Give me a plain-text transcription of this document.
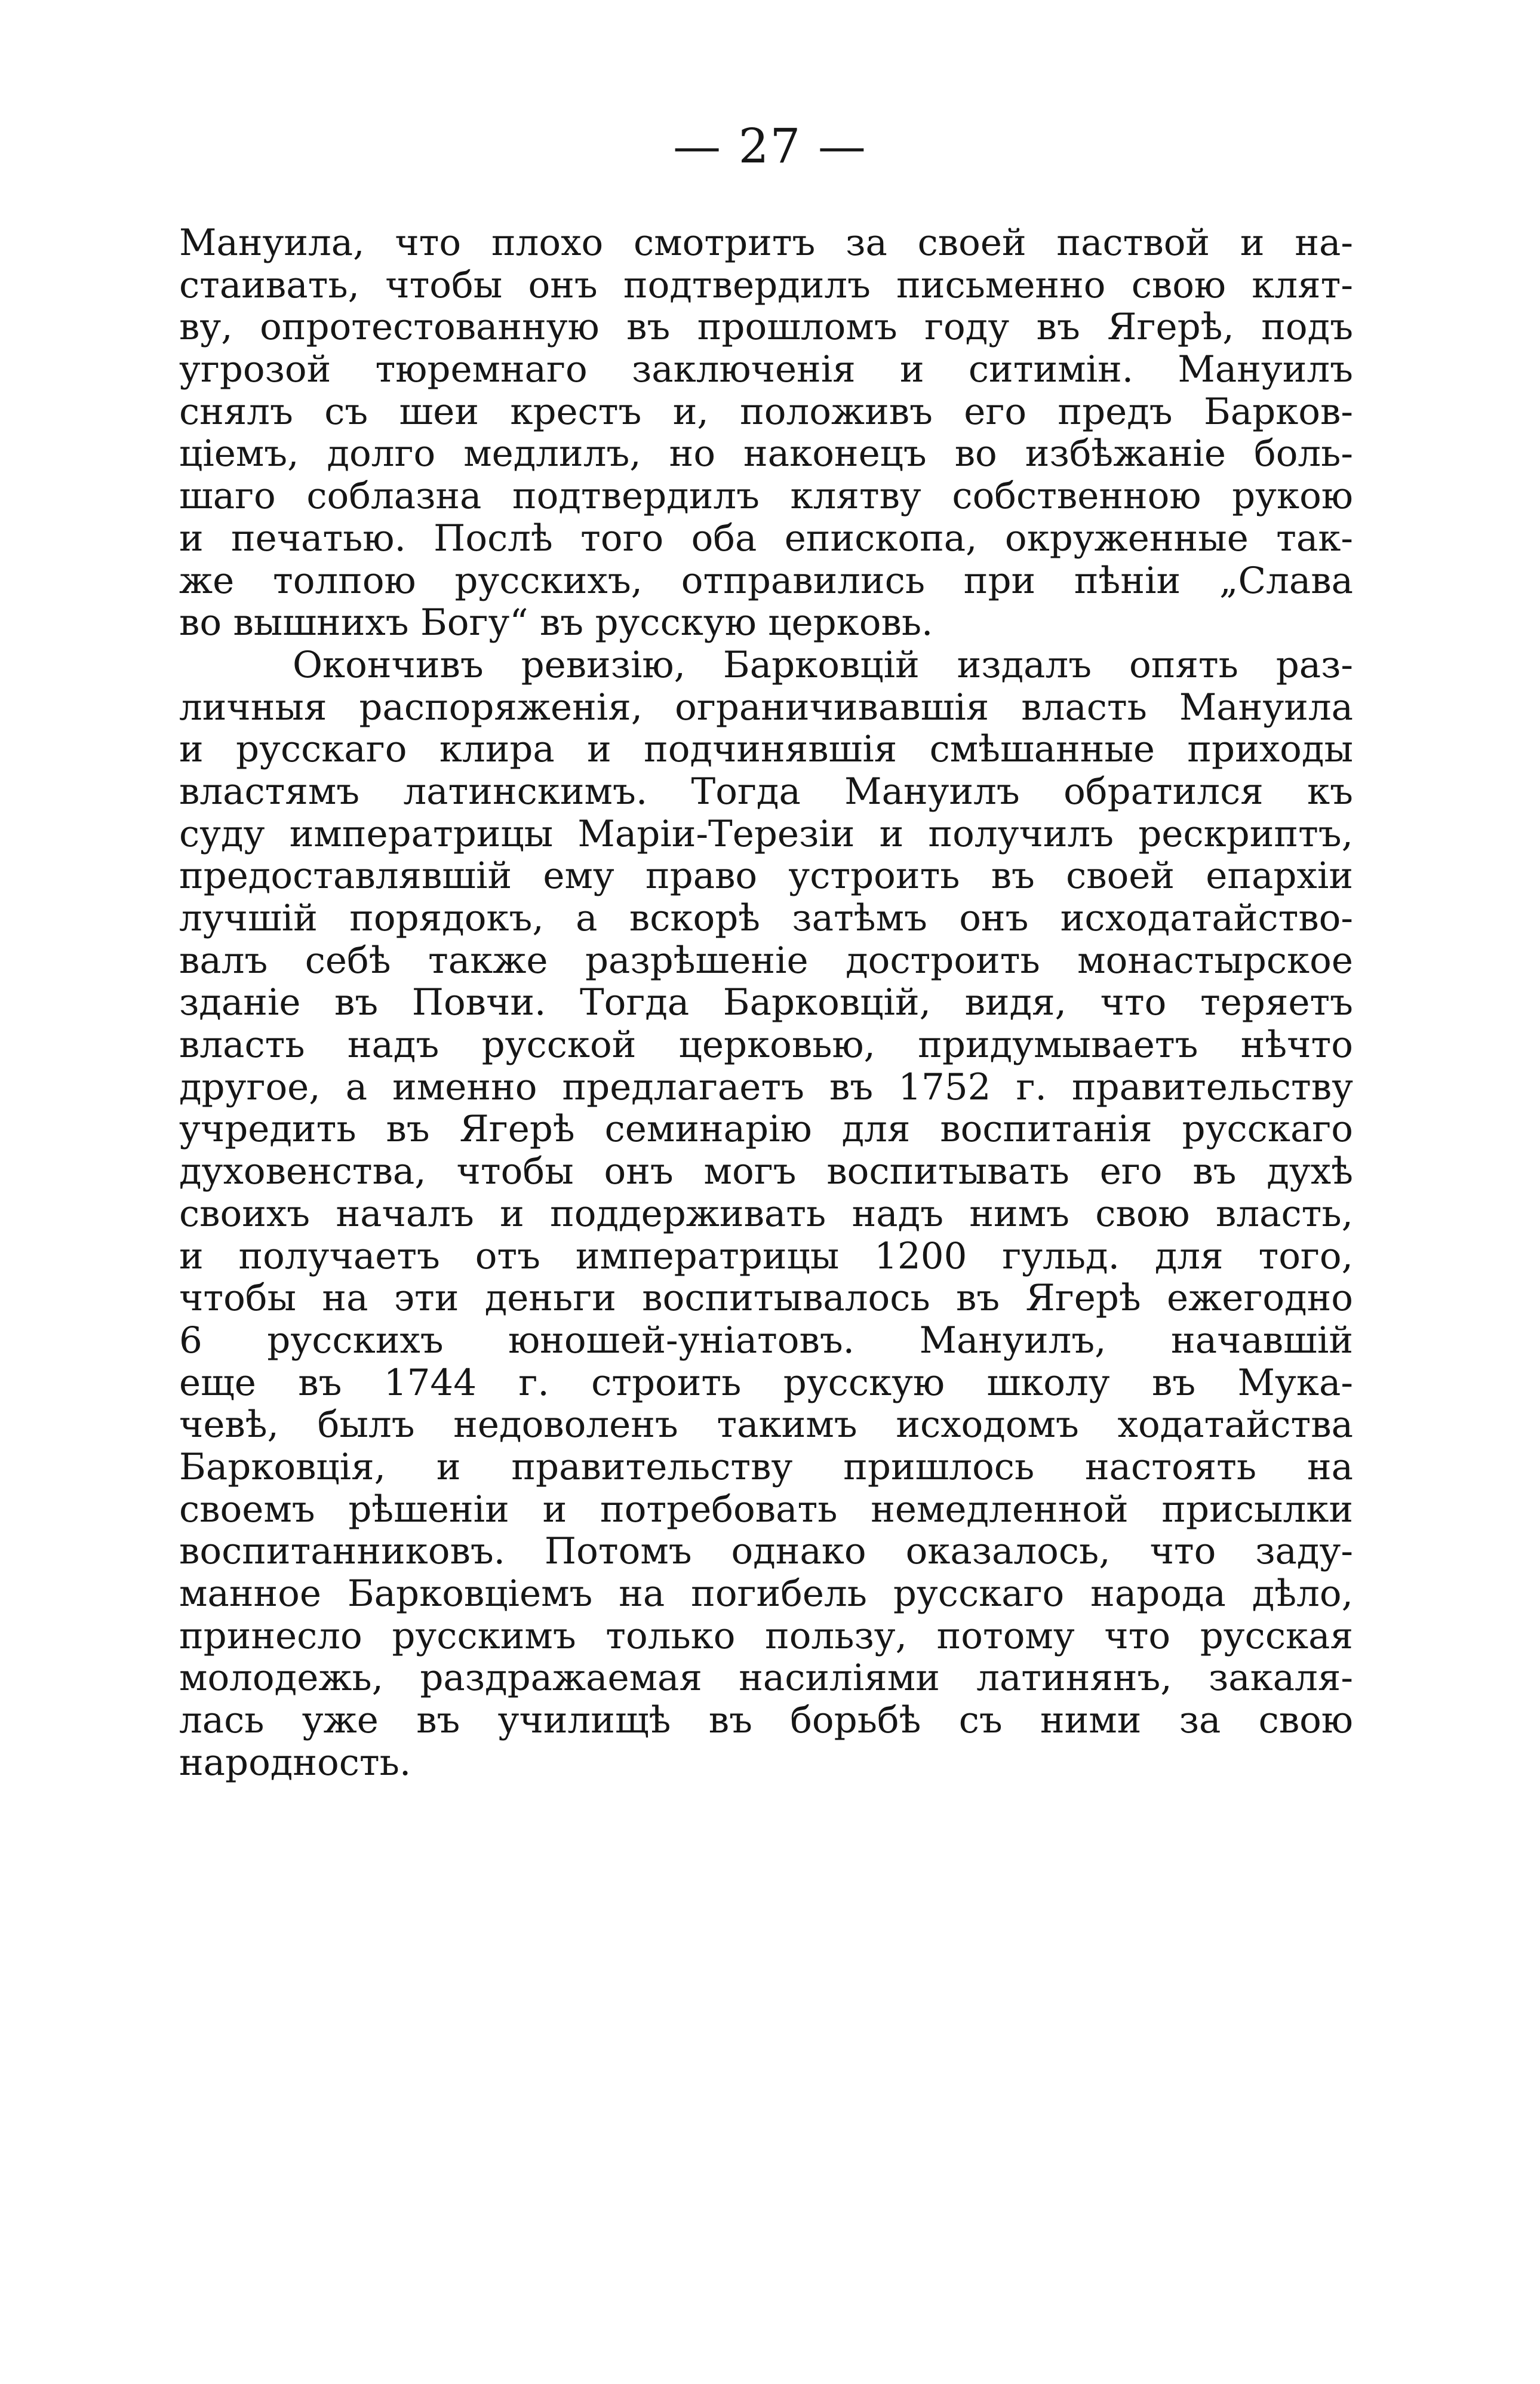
— 27 —
Мануила, что плохо смотритъ за своей паствой и на-
стаивать, чтобы онъ подтвердилъ письменно свою клят-
ву, опротестованную въ прошломъ году въ Ягерѣ, подъ
угрозой тюремнаго заключенія и ситимін. Мануилъ
снялъ съ шеи крестъ и, положивъ его предъ Барков-
ціемъ, долго медлилъ, но наконецъ во избѣжаніе боль-
шаго соблазна подтвердилъ клятву собственною рукою
и печатью. Послѣ того оба епископа, окруженные так-
же толпою русскихъ, отправились при пѣніи „Слава
во вышнихъ Богу“ въ русскую церковь.
Окончивъ ревизію, Барковцій издалъ опять раз-
личныя распоряженія, ограничивавшія власть Мануила
и русскаго клира и подчинявшія смѣшанные приходы
властямъ латинскимъ. Тогда Мануилъ обратился къ
суду императрицы Маріи-Терезіи и получилъ рескриптъ,
предоставлявшій ему право устроить въ своей епархіи
лучшій порядокъ, а вскорѣ затѣмъ онъ исходатайство-
валъ себѣ также разрѣшеніе достроить монастырское
зданіе въ Повчи. Тогда Барковцій, видя, что теряетъ
власть надъ русской церковью, придумываетъ нѣчто
другое, а именно предлагаетъ въ 1752 г. правительству
учредить въ Ягерѣ семинарію для воспитанія русскаго
духовенства, чтобы онъ могъ воспитывать его въ духѣ
своихъ началъ и поддерживать надъ нимъ свою власть,
и получаетъ отъ императрицы 1200 гульд. для того,
чтобы на эти деньги воспитывалось въ Ягерѣ ежегодно
6 русскихъ юношей-уніатовъ. Мануилъ, начавшій
еще въ 1744 г. строить русскую школу въ Мука-
чевѣ, былъ недоволенъ такимъ исходомъ ходатайства
Барковція, и правительству пришлось настоять на
своемъ рѣшеніи и потребовать немедленной присылки
воспитанниковъ. Потомъ однако оказалось, что заду-
манное Барковціемъ на погибель русскаго народа дѣло,
принесло русскимъ только пользу, потому что русская
молодежь, раздражаемая насиліями латинянъ, закаля-
лась уже въ училищѣ въ борьбѣ съ ними за свою
народность.
